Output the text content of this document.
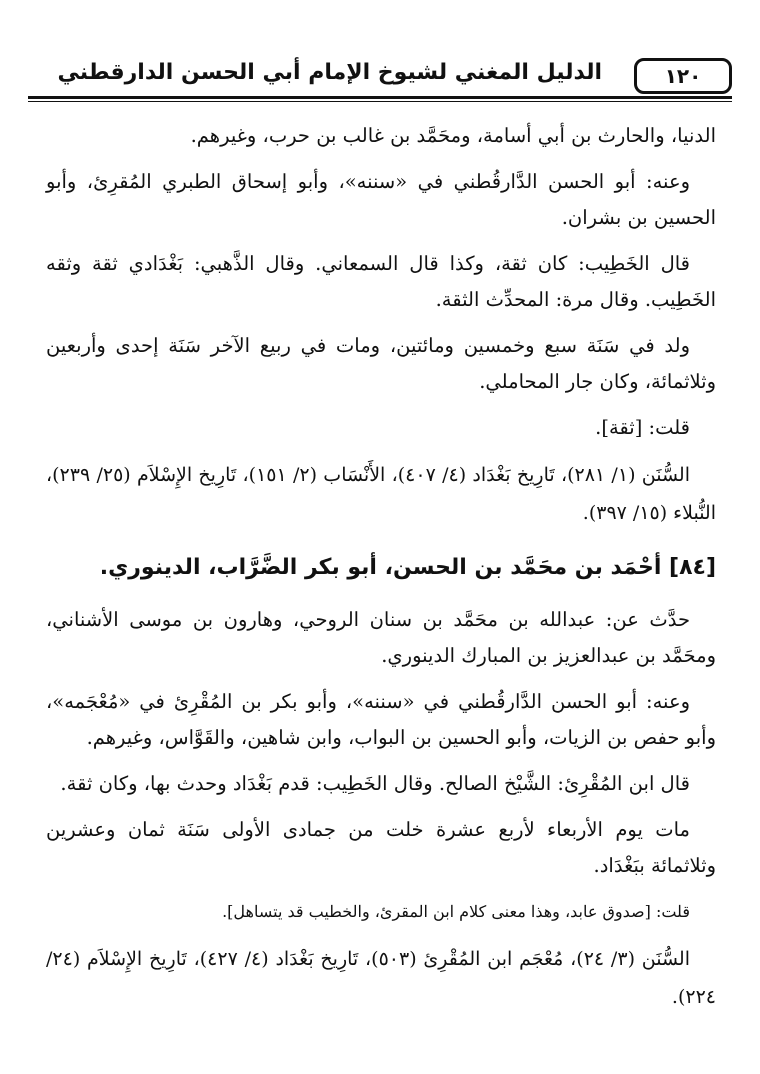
١٢٠
الدليل المغني لشيوخ الإمام أبي الحسن الدارقطني

الدنيا، والحارث بن أبي أسامة، ومحَمَّد بن غالب بن حرب، وغيرهم.

وعنه: أبو الحسن الدَّارقُطني في «سننه»، وأبو إسحاق الطبري المُقرِئ، وأبو الحسين بن بشران.

قال الخَطِيب: كان ثقة، وكذا قال السمعاني. وقال الذَّهبي: بَغْدَادي ثقة وثقه الخَطِيب. وقال مرة: المحدِّث الثقة.

ولد في سَنَة سبع وخمسين ومائتين، ومات في ربيع الآخر سَنَة إحدى وأربعين وثلاثمائة، وكان جار المحاملي.

قلت: [ثقة].

السُّنَن (١/ ٢٨١)، تَارِيخ بَغْدَاد (٤/ ٤٠٧)، الأَنْسَاب (٢/ ١٥١)، تَارِيخ الإِسْلاَم (٢٥/ ٢٣٩)، النُّبلاء (١٥/ ٣٩٧).

[٨٤] أحْمَد بن محَمَّد بن الحسن، أبو بكر الضَّرَّاب، الدينوري.

حدَّث عن: عبدالله بن محَمَّد بن سنان الروحي، وهارون بن موسى الأشناني، ومحَمَّد بن عبدالعزيز بن المبارك الدينوري.

وعنه: أبو الحسن الدَّارقُطني في «سننه»، وأبو بكر بن المُقْرِئ في «مُعْجَمه»، وأبو حفص بن الزيات، وأبو الحسين بن البواب، وابن شاهين، والقَوَّاس، وغيرهم.

قال ابن المُقْرِئ: الشَّيْخ الصالح. وقال الخَطِيب: قدم بَغْدَاد وحدث بها، وكان ثقة.

مات يوم الأربعاء لأربع عشرة خلت من جمادى الأولى سَنَة ثمان وعشرين وثلاثمائة ببَغْدَاد.

قلت: [صدوق عابد، وهذا معنى كلام ابن المقرئ، والخطيب قد يتساهل].

السُّنَن (٣/ ٢٤)، مُعْجَم ابن المُقْرِئ (٥٠٣)، تَارِيخ بَغْدَاد (٤/ ٤٢٧)، تَارِيخ الإِسْلاَم (٢٤/ ٢٢٤).
